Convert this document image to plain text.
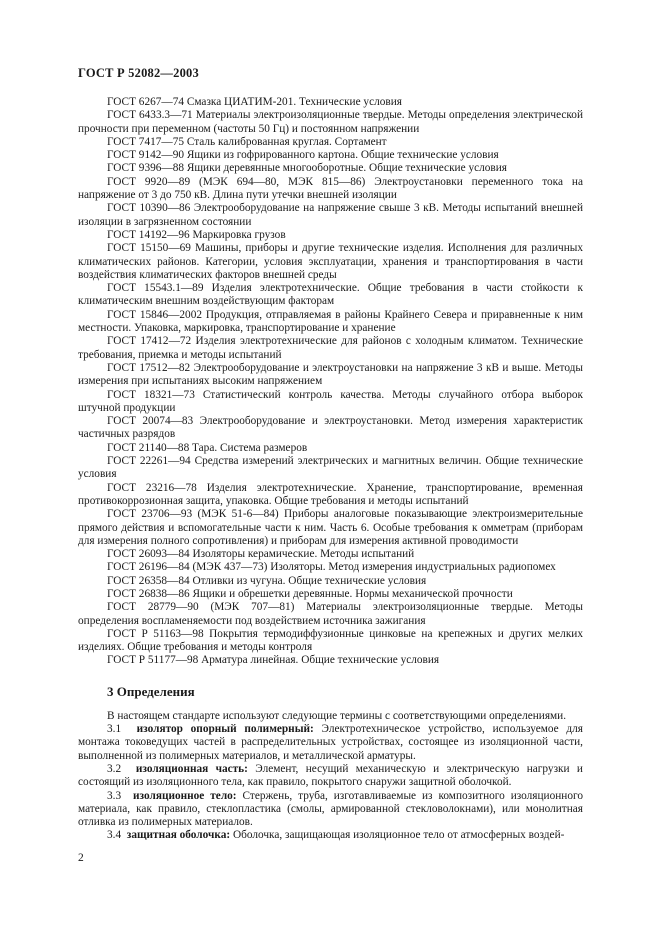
ГОСТ Р 52082—2003

ГОСТ 6267—74 Смазка ЦИАТИМ-201. Технические условия

ГОСТ 6433.3—71 Материалы электроизоляционные твердые. Методы определения электрической прочности при переменном (частоты 50 Гц) и постоянном напряжении

ГОСТ 7417—75 Сталь калиброванная круглая. Сортамент

ГОСТ 9142—90 Ящики из гофрированного картона. Общие технические условия

ГОСТ 9396—88 Ящики деревянные многооборотные. Общие технические условия

ГОСТ 9920—89 (МЭК 694—80, МЭК 815—86) Электроустановки переменного тока на напряжение от 3 до 750 кВ. Длина пути утечки внешней изоляции

ГОСТ 10390—86 Электрооборудование на напряжение свыше 3 кВ. Методы испытаний внешней изоляции в загрязненном состоянии

ГОСТ 14192—96 Маркировка грузов

ГОСТ 15150—69 Машины, приборы и другие технические изделия. Исполнения для различных климатических районов. Категории, условия эксплуатации, хранения и транспортирования в части воздействия климатических факторов внешней среды

ГОСТ 15543.1—89 Изделия электротехнические. Общие требования в части стойкости к климатическим внешним воздействующим факторам

ГОСТ 15846—2002 Продукция, отправляемая в районы Крайнего Севера и приравненные к ним местности. Упаковка, маркировка, транспортирование и хранение

ГОСТ 17412—72 Изделия электротехнические для районов с холодным климатом. Технические требования, приемка и методы испытаний

ГОСТ 17512—82 Электрооборудование и электроустановки на напряжение 3 кВ и выше. Методы измерения при испытаниях высоким напряжением

ГОСТ 18321—73 Статистический контроль качества. Методы случайного отбора выборок штучной продукции

ГОСТ 20074—83 Электрооборудование и электроустановки. Метод измерения характеристик частичных разрядов

ГОСТ 21140—88 Тара. Система размеров

ГОСТ 22261—94 Средства измерений электрических и магнитных величин. Общие технические условия

ГОСТ 23216—78 Изделия электротехнические. Хранение, транспортирование, временная противокоррозионная защита, упаковка. Общие требования и методы испытаний

ГОСТ 23706—93 (МЭК 51-6—84) Приборы аналоговые показывающие электроизмерительные прямого действия и вспомогательные части к ним. Часть 6. Особые требования к омметрам (приборам для измерения полного сопротивления) и приборам для измерения активной проводимости

ГОСТ 26093—84 Изоляторы керамические. Методы испытаний

ГОСТ 26196—84 (МЭК 437—73) Изоляторы. Метод измерения индустриальных радиопомех

ГОСТ 26358—84 Отливки из чугуна. Общие технические условия

ГОСТ 26838—86 Ящики и обрешетки деревянные. Нормы механической прочности

ГОСТ 28779—90 (МЭК 707—81) Материалы электроизоляционные твердые. Методы определения воспламеняемости под воздействием источника зажигания

ГОСТ Р 51163—98 Покрытия термодиффузионные цинковые на крепежных и других мелких изделиях. Общие требования и методы контроля

ГОСТ Р 51177—98 Арматура линейная. Общие технические условия

3 Определения

В настоящем стандарте используют следующие термины с соответствующими определениями.

3.1 изолятор опорный полимерный: Электротехническое устройство, используемое для монтажа токоведущих частей в распределительных устройствах, состоящее из изоляционной части, выполненной из полимерных материалов, и металлической арматуры.

3.2 изоляционная часть: Элемент, несущий механическую и электрическую нагрузки и состоящий из изоляционного тела, как правило, покрытого снаружи защитной оболочкой.

3.3 изоляционное тело: Стержень, труба, изготавливаемые из композитного изоляционного материала, как правило, стеклопластика (смолы, армированной стекловолокнами), или монолитная отливка из полимерных материалов.

3.4 защитная оболочка: Оболочка, защищающая изоляционное тело от атмосферных воздей-

2
